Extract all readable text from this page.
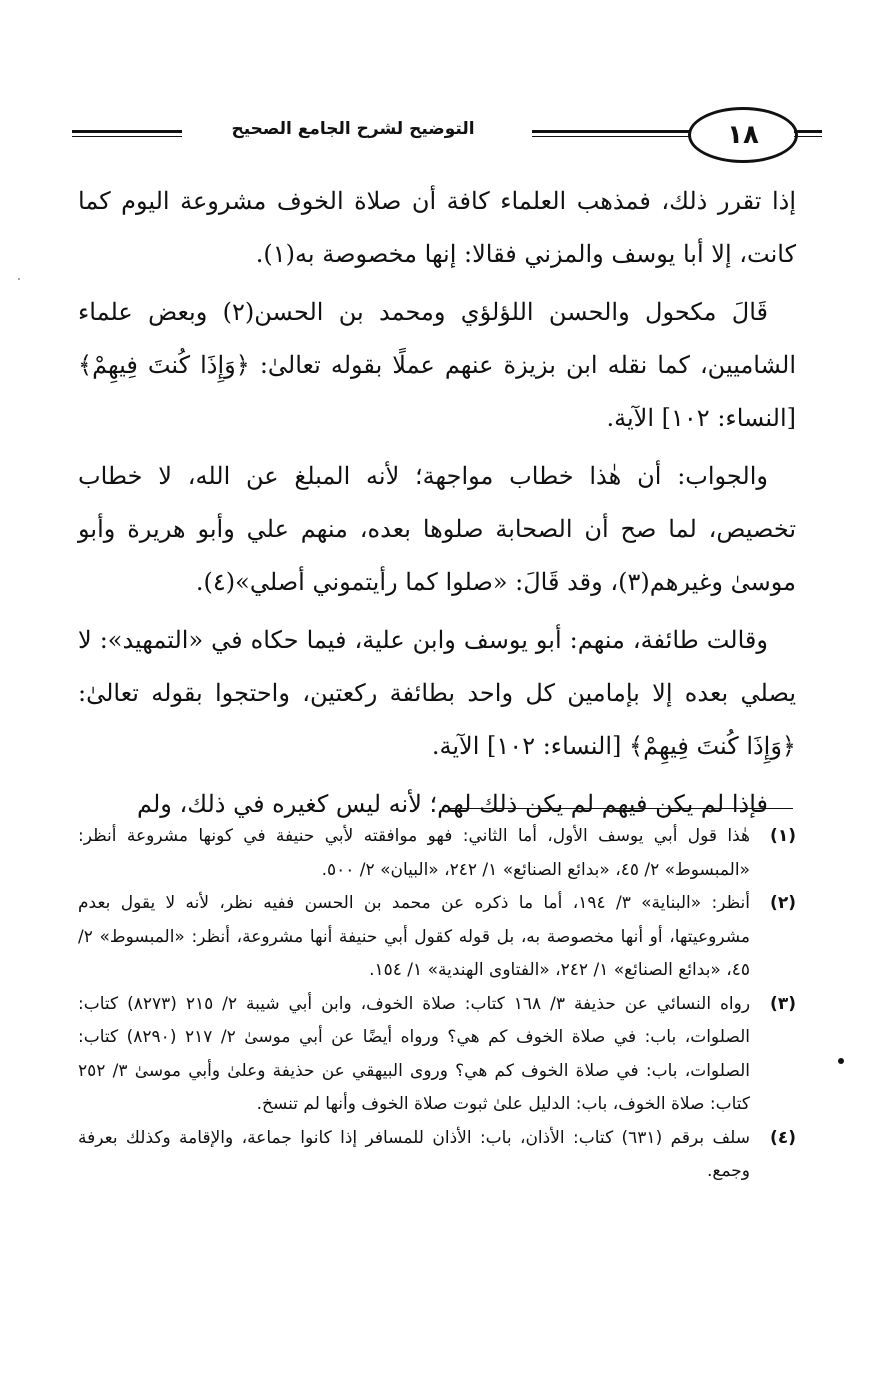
التوضيح لشرح الجامع الصحيح	١٨

إذا تقرر ذلك، فمذهب العلماء كافة أن صلاة الخوف مشروعة اليوم كما كانت، إلا أبا يوسف والمزني فقالا: إنها مخصوصة به(١).

قَالَ مكحول والحسن اللؤلؤي ومحمد بن الحسن(٢) وبعض علماء الشاميين، كما نقله ابن بزيزة عنهم عملًا بقوله تعالىٰ: ﴿وَإِذَا كُنتَ فِيهِمْ﴾ [النساء: ١٠٢] الآية.

والجواب: أن هٰذا خطاب مواجهة؛ لأنه المبلغ عن الله، لا خطاب تخصيص، لما صح أن الصحابة صلوها بعده، منهم علي وأبو هريرة وأبو موسىٰ وغيرهم(٣)، وقد قَالَ: «صلوا كما رأيتموني أصلي»(٤).

وقالت طائفة، منهم: أبو يوسف وابن علية، فيما حكاه في «التمهيد»: لا يصلي بعده إلا بإمامين كل واحد بطائفة ركعتين، واحتجوا بقوله تعالىٰ: ﴿وَإِذَا كُنتَ فِيهِمْ﴾ [النساء: ١٠٢] الآية.

فإذا لم يكن فيهم لم يكن ذلك لهم؛ لأنه ليس كغيره في ذلك، ولم

(١)
هٰذا قول أبي يوسف الأول، أما الثاني: فهو موافقته لأبي حنيفة في كونها مشروعة أنظر: «المبسوط» ٢/ ٤٥، «بدائع الصنائع» ١/ ٢٤٢، «البيان» ٢/ ٥٠٠.
(٢)
أنظر: «البناية» ٣/ ١٩٤، أما ما ذكره عن محمد بن الحسن ففيه نظر، لأنه لا يقول بعدم مشروعيتها، أو أنها مخصوصة به، بل قوله كقول أبي حنيفة أنها مشروعة، أنظر: «المبسوط» ٢/ ٤٥، «بدائع الصنائع» ١/ ٢٤٢، «الفتاوى الهندية» ١/ ١٥٤.
(٣)
رواه النسائي عن حذيفة ٣/ ١٦٨ كتاب: صلاة الخوف، وابن أبي شيبة ٢/ ٢١٥ (٨٢٧٣) كتاب: الصلوات، باب: في صلاة الخوف كم هي؟ ورواه أيضًا عن أبي موسىٰ ٢/ ٢١٧ (٨٢٩٠) كتاب: الصلوات، باب: في صلاة الخوف كم هي؟ وروى البيهقي عن حذيفة وعلىٰ وأبي موسىٰ ٣/ ٢٥٢ كتاب: صلاة الخوف، باب: الدليل علىٰ ثبوت صلاة الخوف وأنها لم تنسخ.
(٤)
سلف برقم (٦٣١) كتاب: الأذان، باب: الأذان للمسافر إذا كانوا جماعة، والإقامة وكذلك بعرفة وجمع.
